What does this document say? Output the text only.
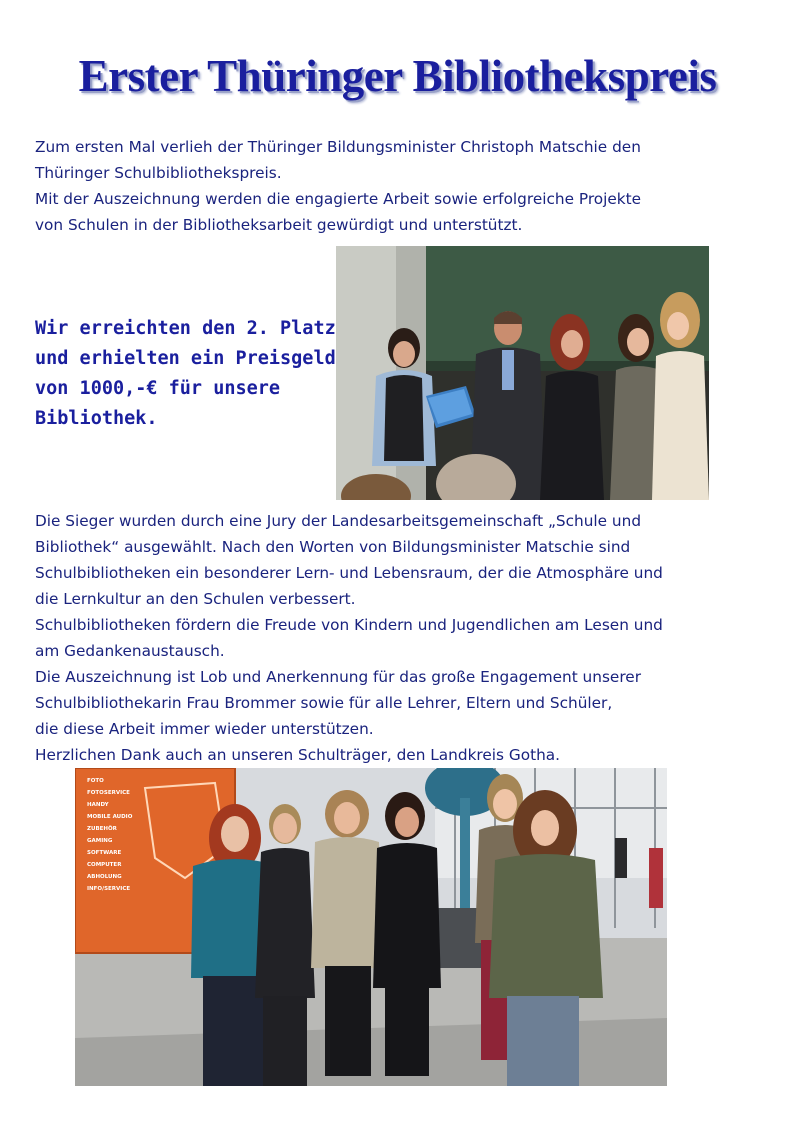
Erster Thüringer Bibliothekspreis
Zum ersten Mal verlieh der Thüringer Bildungsminister Christoph Matschie den
Thüringer Schulbibliothekspreis.
Mit der Auszeichnung werden die engagierte Arbeit sowie erfolgreiche Projekte
von Schulen in der Bibliotheksarbeit gewürdigt und unterstützt.
Wir erreichten den 2. Platz
und erhielten ein Preisgeld
von 1000,-€ für unsere
Bibliothek.
Die Sieger wurden durch eine Jury der Landesarbeitsgemeinschaft „Schule und
Bibliothek“ ausgewählt. Nach den Worten von Bildungsminister Matschie sind
Schulbibliotheken ein besonderer Lern- und Lebensraum, der die Atmosphäre und
die Lernkultur an den Schulen verbessert.
Schulbibliotheken fördern die Freude von Kindern und Jugendlichen am Lesen und
am Gedankenaustausch.
Die Auszeichnung ist Lob und Anerkennung für das große Engagement unserer
Schulbibliothekarin Frau Brommer sowie für alle Lehrer, Eltern und Schüler,
die diese Arbeit immer wieder unterstützen.
Herzlichen Dank auch an unseren Schulträger, den Landkreis Gotha.
FOTO
FOTOSERVICE
HANDY
MOBILE AUDIO
ZUBEHÖR
GAMING
SOFTWARE
COMPUTER
ABHOLUNG
INFO/SERVICE
